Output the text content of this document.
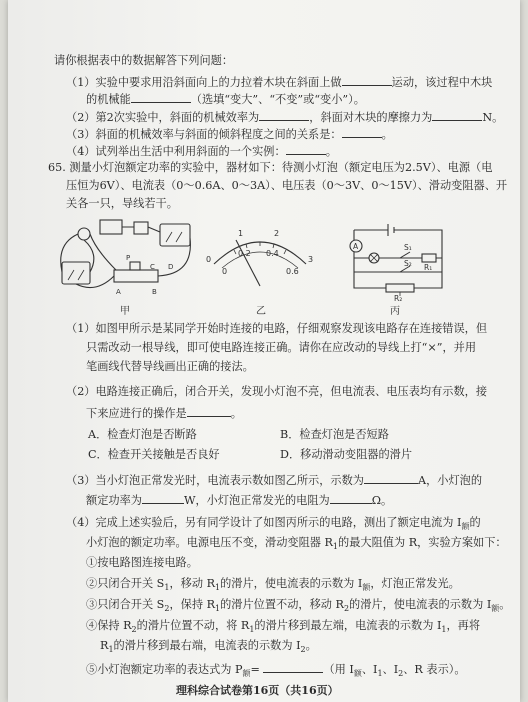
请你根据表中的数据解答下列问题：
（1）实验中要求用沿斜面向上的力拉着木块在斜面上做	运动，该过程中木块
的机械能	（选填“变大”、“不变”或“变小”）。
（2）第2次实验中，斜面的机械效率为	，斜面对木块的摩擦力为	N。
（3）斜面的机械效率与斜面的倾斜程度之间的关系是：	。
（4）试列举出生活中利用斜面的一个实例：	。
65. 测量小灯泡额定功率的实验中，器材如下：待测小灯泡（额定电压为2.5V）、电源（电
压恒为6V）、电流表（0～0.6A、0～3A）、电压表（0～3V、0～15V）、滑动变阻器、开
关各一只，导线若干。
C D
A	B
P
甲
1	2
0	3
0
0.2 0.4
0.6
乙
A	S₁
S₂ R₁
R₂
丙
（1）如图甲所示是某同学开始时连接的电路，仔细观察发现该电路存在连接错误，但
只需改动一根导线，即可使电路连接正确。请你在应改动的导线上打“×”，并用
笔画线代替导线画出正确的接法。
（2）电路连接正确后，闭合开关，发现小灯泡不亮，但电流表、电压表均有示数，接
下来应进行的操作是	。
A．检查灯泡是否断路	B．检查灯泡是否短路
C．检查开关接触是否良好	D．移动滑动变阻器的滑片
（3）当小灯泡正常发光时，电流表示数如图乙所示，示数为	A，小灯泡的
额定功率为	W，小灯泡正常发光的电阻为	Ω。
（4）完成上述实验后，另有同学设计了如图丙所示的电路，测出了额定电流为 $I_额$的
小灯泡的额定功率。电源电压不变，滑动变阻器 $R_1$的最大阻值为 R，实验方案如下：
①按电路图连接电路。
②只闭合开关 $S_1$，移动 $R_1$的滑片，使电流表的示数为 $I_额$，灯泡正常发光。
③只闭合开关 $S_2$，保持 $R_1$的滑片位置不动，移动 $R_2$的滑片，使电流表的示数为 $I_额$。
④保持 $R_2$的滑片位置不动，将 $R_1$的滑片移到最左端，电流表的示数为 $I_1$，再将
$R_1$的滑片移到最右端，电流表的示数为 $I_2$。
⑤小灯泡额定功率的表达式为 $P_额=$	（用 $I_额$、$I_1$、$I_2$、R 表示）。
理科综合试卷第16页（共16页）
